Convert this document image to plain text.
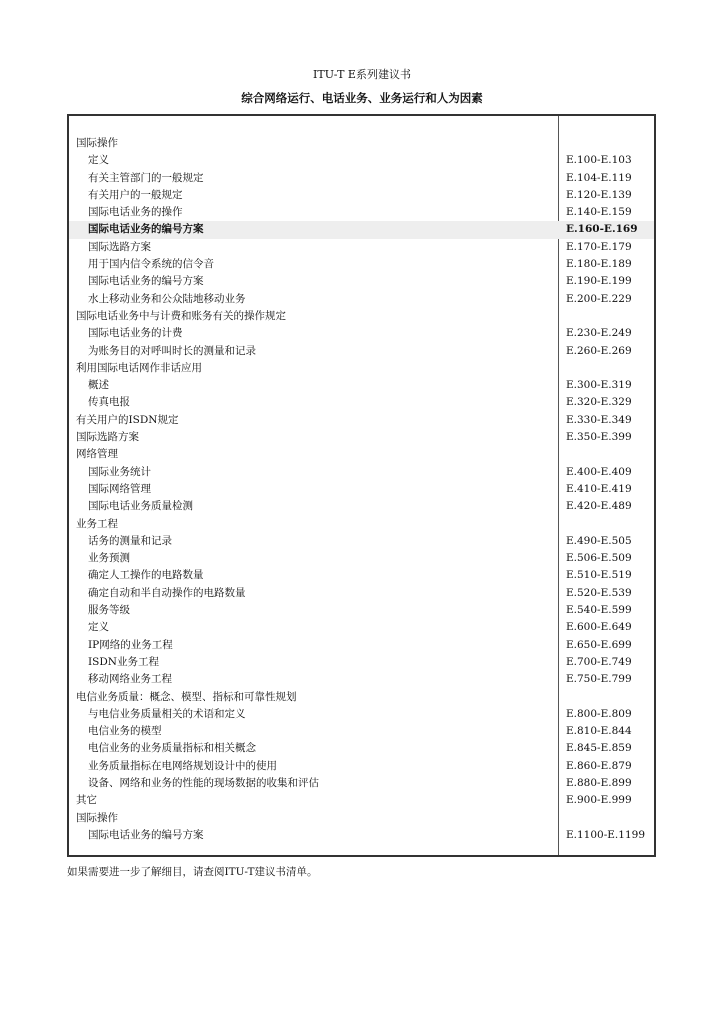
ITU-T E系列建议书
综合网络运行、电话业务、业务运行和人为因素
国际操作
定义	E.100-E.103
有关主管部门的一般规定	E.104-E.119
有关用户的一般规定	E.120-E.139
国际电话业务的操作	E.140-E.159
国际电话业务的编号方案	E.160-E.169
国际选路方案	E.170-E.179
用于国内信令系统的信令音	E.180-E.189
国际电话业务的编号方案	E.190-E.199
水上移动业务和公众陆地移动业务	E.200-E.229
国际电话业务中与计费和账务有关的操作规定
国际电话业务的计费	E.230-E.249
为账务目的对呼叫时长的测量和记录	E.260-E.269
利用国际电话网作非话应用
概述	E.300-E.319
传真电报	E.320-E.329
有关用户的ISDN规定	E.330-E.349
国际选路方案	E.350-E.399
网络管理
国际业务统计	E.400-E.409
国际网络管理	E.410-E.419
国际电话业务质量检测	E.420-E.489
业务工程
话务的测量和记录	E.490-E.505
业务预测	E.506-E.509
确定人工操作的电路数量	E.510-E.519
确定自动和半自动操作的电路数量	E.520-E.539
服务等级	E.540-E.599
定义	E.600-E.649
IP网络的业务工程	E.650-E.699
ISDN业务工程	E.700-E.749
移动网络业务工程	E.750-E.799
电信业务质量：概念、模型、指标和可靠性规划
与电信业务质量相关的术语和定义	E.800-E.809
电信业务的模型	E.810-E.844
电信业务的业务质量指标和相关概念	E.845-E.859
业务质量指标在电网络规划设计中的使用	E.860-E.879
设备、网络和业务的性能的现场数据的收集和评估	E.880-E.899
其它	E.900-E.999
国际操作
国际电话业务的编号方案	E.1100-E.1199
如果需要进一步了解细目，请查阅ITU-T建议书清单。
